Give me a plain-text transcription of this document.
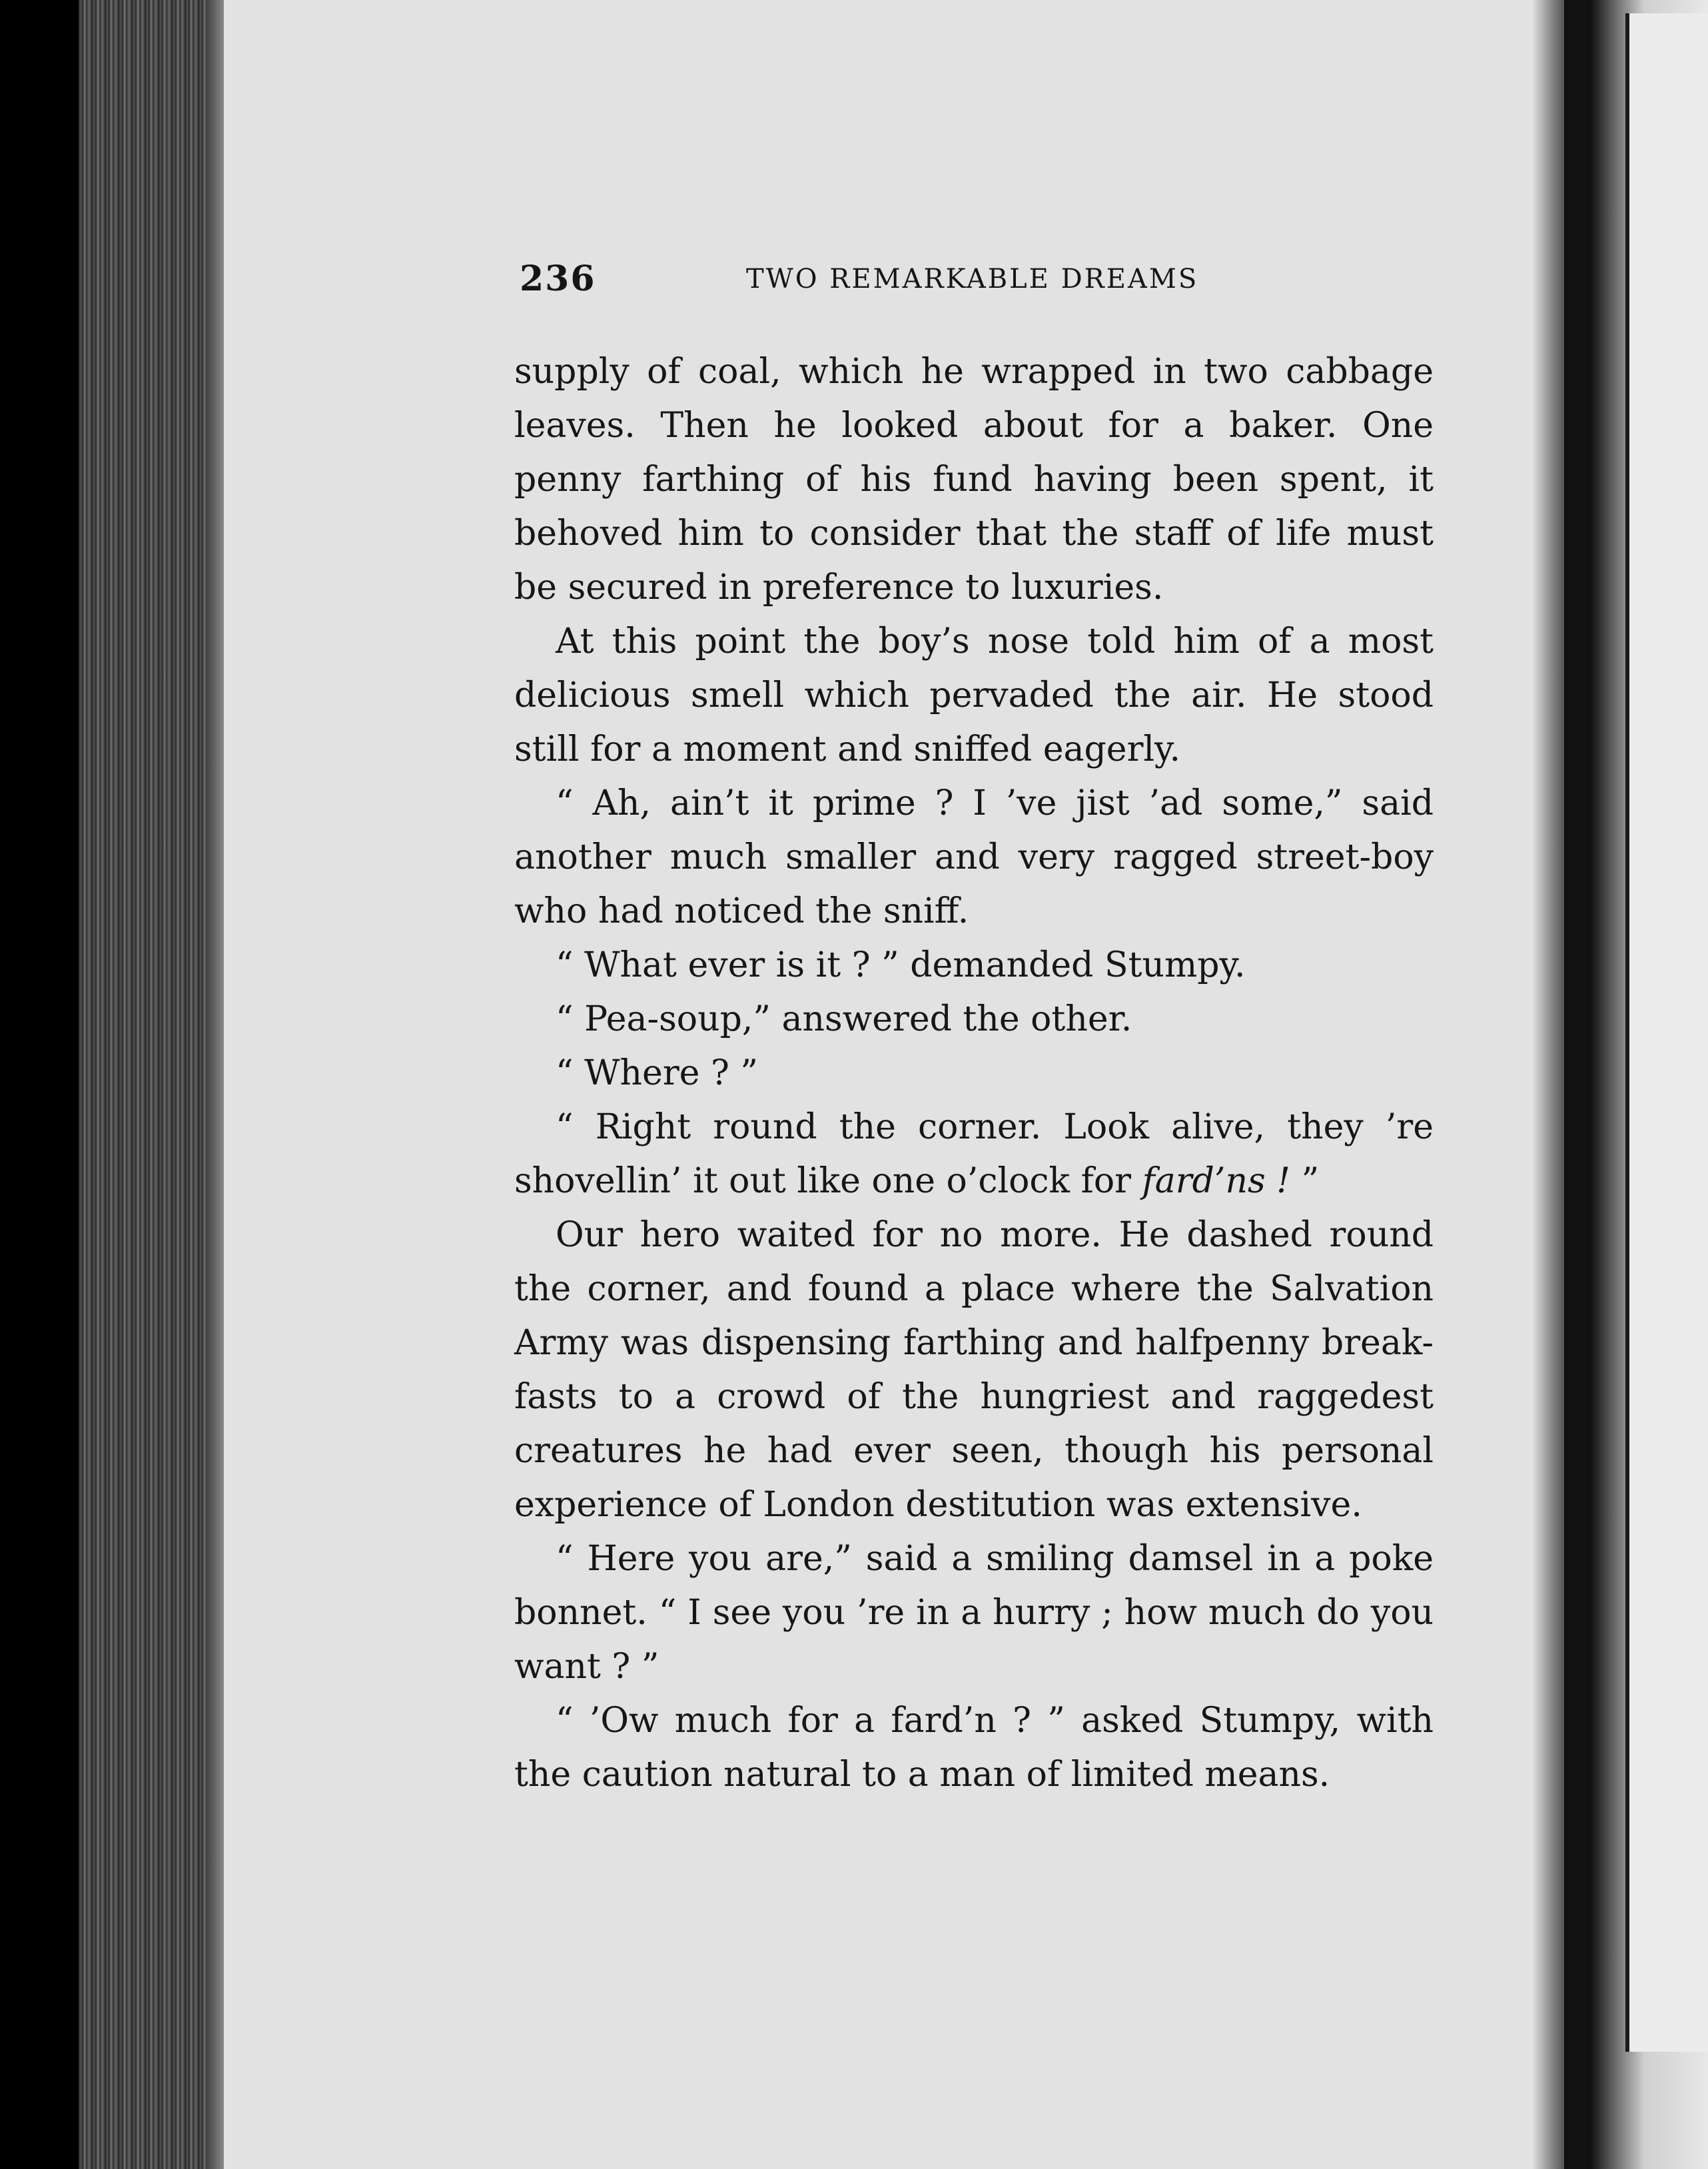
236	TWO REMARKABLE DREAMS

supply of coal, which he wrapped in two cabbage leaves. Then he looked about for a baker. One penny farthing of his fund having been spent, it behoved him to consider that the staff of life must be secured in preference to luxuries.

At this point the boy’s nose told him of a most delicious smell which pervaded the air. He stood still for a moment and sniffed eagerly.

“ Ah, ain’t it prime ? I ’ve jist ’ad some,” said another much smaller and very ragged street-boy who had noticed the sniff.

“ What ever is it ? ” demanded Stumpy.

“ Pea-soup,” answered the other.

“ Where ? ”

“ Right round the corner. Look alive, they ’re shovellin’ it out like one o’clock for fard’ns ! ”

Our hero waited for no more. He dashed round the corner, and found a place where the Salvation Army was dispensing farthing and halfpenny break-fasts to a crowd of the hungriest and raggedest creatures he had ever seen, though his personal experience of London destitution was extensive.

“ Here you are,” said a smiling damsel in a poke bonnet. “ I see you ’re in a hurry ; how much do you want ? ”

“ ’Ow much for a fard’n ? ” asked Stumpy, with the caution natural to a man of limited means.
